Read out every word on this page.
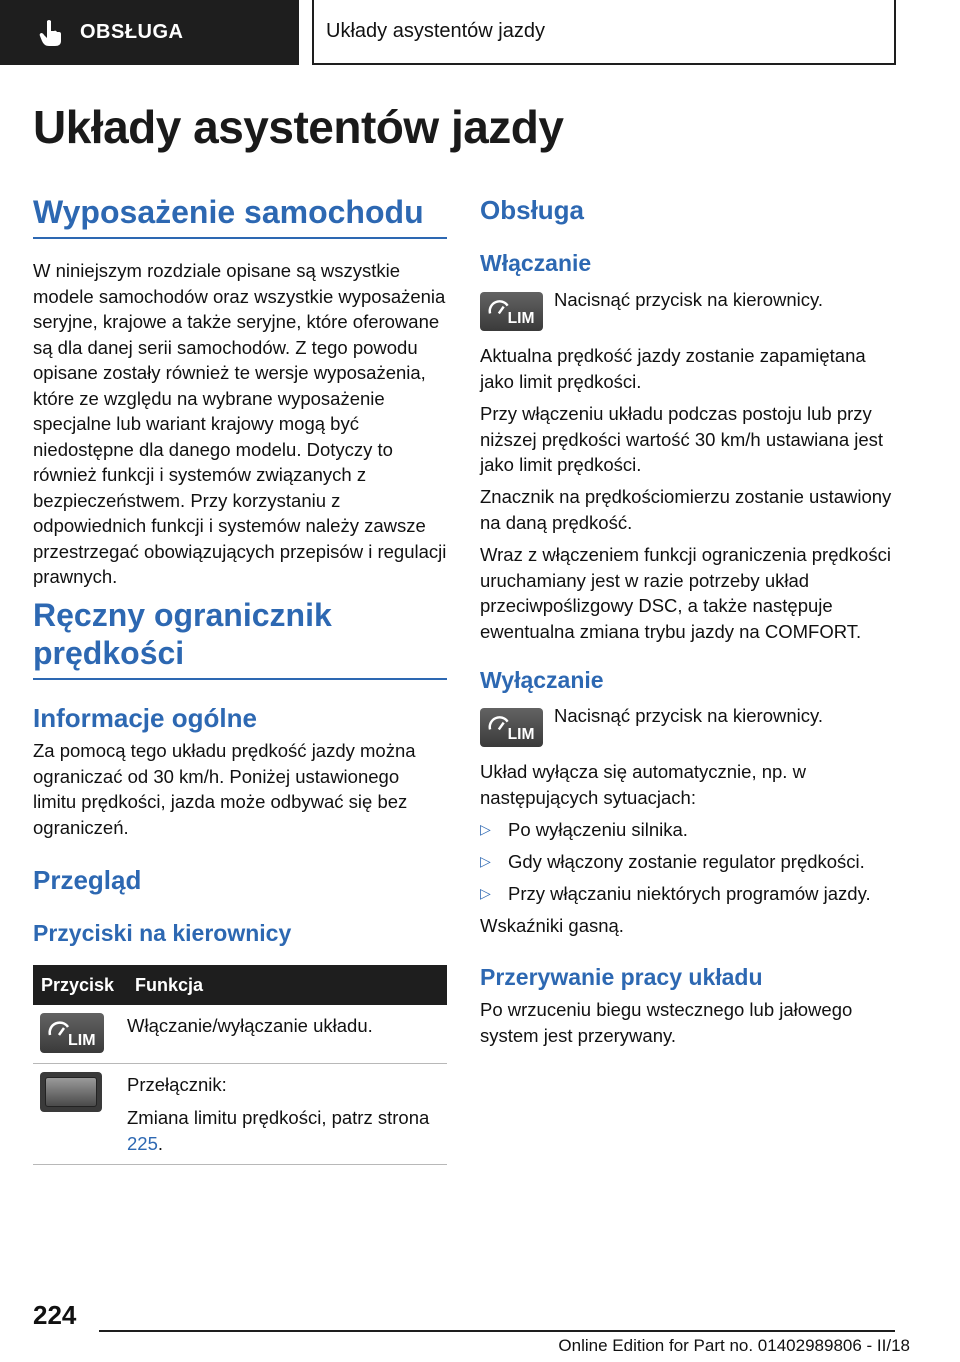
OBSŁUGA	Układy asystentów jazdy
Układy asystentów jazdy
Wyposażenie samochodu

W niniejszym rozdziale opisane są wszystkie modele samochodów oraz wszystkie wyposażenia seryjne, krajowe a także seryjne, które oferowane są dla danej serii samochodów. Z tego powodu opisane zostały również te wersje wyposażenia, które ze względu na wybrane wyposażenie specjalne lub wariant krajowy mogą być niedostępne dla danego modelu. Dotyczy to również funkcji i systemów związanych z bezpieczeństwem. Przy korzystaniu z odpowiednich funkcji i systemów należy zawsze przestrzegać obowiązujących przepisów i regulacji prawnych.

Ręczny ogranicznik prędkości
Informacje ogólne

Za pomocą tego układu prędkość jazdy można ograniczać od 30 km/h. Poniżej ustawionego limitu prędkości, jazda może odbywać się bez ograniczeń.

Przegląd
Przyciski na kierownicy
Przycisk	Funkcja

LIM	Włączanie/wyłączanie układu.

	Przełącznik:
Zmiana limitu prędkości, patrz strona 225.
Obsługa
Włączanie
LIM
Nacisnąć przycisk na kierownicy.

Aktualna prędkość jazdy zostanie zapamiętana jako limit prędkości.

Przy włączeniu układu podczas postoju lub przy niższej prędkości wartość 30 km/h ustawiana jest jako limit prędkości.

Znacznik na prędkościomierzu zostanie ustawiony na daną prędkość.

Wraz z włączeniem funkcji ograniczenia prędkości uruchamiany jest w razie potrzeby układ przeciwpoślizgowy DSC, a także następuje ewentualna zmiana trybu jazdy na COMFORT.

Wyłączanie
LIM
Nacisnąć przycisk na kierownicy.

Układ wyłącza się automatycznie, np. w następujących sytuacjach:

▷ Po wyłączeniu silnika.
▷ Gdy włączony zostanie regulator prędkości.
▷ Przy włączaniu niektórych programów jazdy.

Wskaźniki gasną.

Przerywanie pracy układu

Po wrzuceniu biegu wstecznego lub jałowego system jest przerywany.

224
Online Edition for Part no. 01402989806 - II/18
